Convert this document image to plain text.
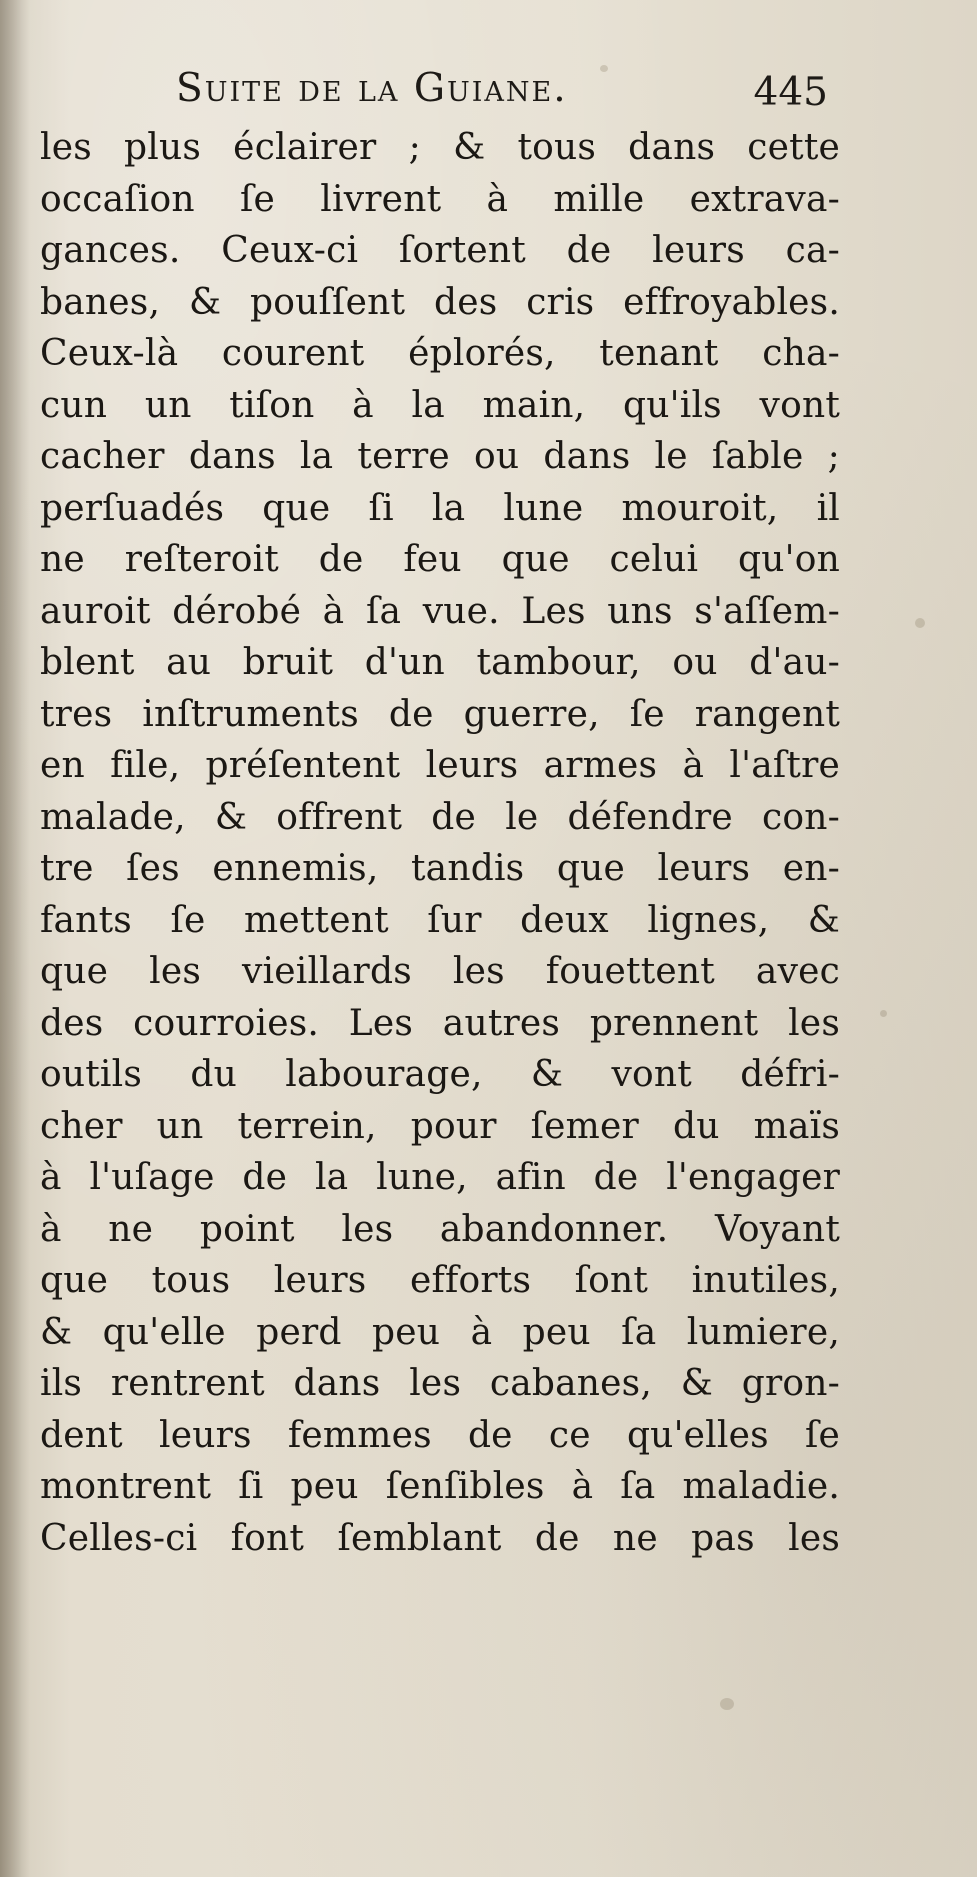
Suite de la Guiane.	445
les plus éclairer ; & tous dans cette
occaſion ſe livrent à mille extrava-
gances. Ceux-ci ſortent de leurs ca-
banes, & pouſſent des cris effroyables.
Ceux-là courent éplorés, tenant cha-
cun un tiſon à la main, qu'ils vont
cacher dans la terre ou dans le ſable ;
perſuadés que ſi la lune mouroit, il
ne reſteroit de feu que celui qu'on
auroit dérobé à ſa vue. Les uns s'aſſem-
blent au bruit d'un tambour, ou d'au-
tres inſtruments de guerre, ſe rangent
en file, préſentent leurs armes à l'aſtre
malade, & offrent de le défendre con-
tre ſes ennemis, tandis que leurs en-
fants ſe mettent ſur deux lignes, &
que les vieillards les fouettent avec
des courroies. Les autres prennent les
outils du labourage, & vont défri-
cher un terrein, pour ſemer du maïs
à l'uſage de la lune, afin de l'engager
à ne point les abandonner. Voyant
que tous leurs efforts ſont inutiles,
& qu'elle perd peu à peu ſa lumiere,
ils rentrent dans les cabanes, & gron-
dent leurs femmes de ce qu'elles ſe
montrent ſi peu ſenſibles à ſa maladie.
Celles-ci font ſemblant de ne pas les
